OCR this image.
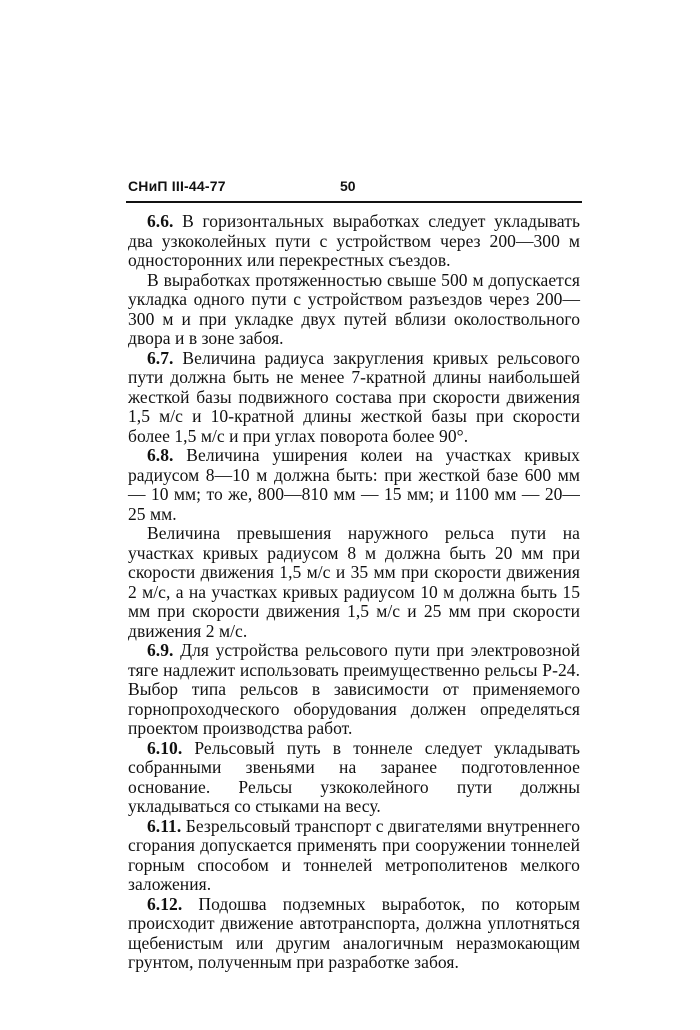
СНиП III-44-77	50

6.6. В горизонтальных выработках следует укладывать два узкоколейных пути с устройством через 200—300 м односторонних или перекрестных съездов.

В выработках протяженностью свыше 500 м допускается укладка одного пути с устройством разъездов через 200—300 м и при укладке двух путей вблизи околоствольного двора и в зоне забоя.

6.7. Величина радиуса закругления кривых рельсового пути должна быть не менее 7-кратной длины наибольшей жесткой базы подвижного состава при скорости движения 1,5 м/с и 10-кратной длины жесткой базы при скорости более 1,5 м/с и при углах поворота более 90°.

6.8. Величина уширения колеи на участках кривых радиусом 8—10 м должна быть: при жесткой базе 600 мм — 10 мм; то же, 800—810 мм — 15 мм; и 1100 мм — 20—25 мм.

Величина превышения наружного рельса пути на участках кривых радиусом 8 м должна быть 20 мм при скорости движения 1,5 м/с и 35 мм при скорости движения 2 м/с, а на участках кривых радиусом 10 м должна быть 15 мм при скорости движения 1,5 м/с и 25 мм при скорости движения 2 м/с.

6.9. Для устройства рельсового пути при электровозной тяге надлежит использовать преимущественно рельсы Р-24. Выбор типа рельсов в зависимости от применяемого горнопроходческого оборудования должен определяться проектом производства работ.

6.10. Рельсовый путь в тоннеле следует укладывать собранными звеньями на заранее подготовленное основание. Рельсы узкоколейного пути должны укладываться со стыками на весу.

6.11. Безрельсовый транспорт с двигателями внутреннего сгорания допускается применять при сооружении тоннелей горным способом и тоннелей метрополитенов мелкого заложения.

6.12. Подошва подземных выработок, по которым происходит движение автотранспорта, должна уплотняться щебенистым или другим аналогичным неразмокающим грунтом, полученным при разработке забоя.
